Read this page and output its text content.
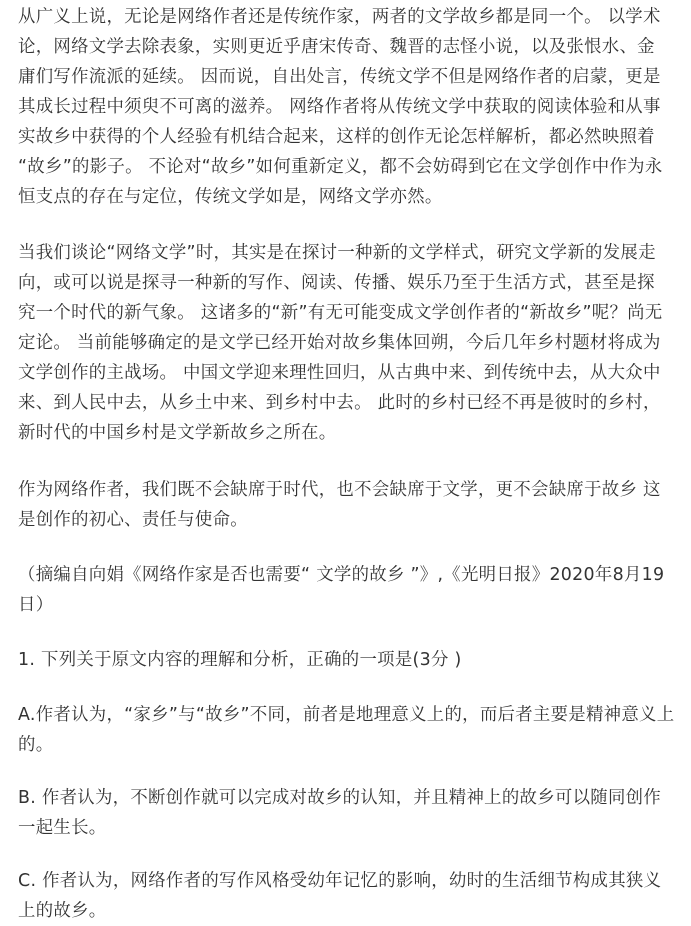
从广义上说，无论是网络作者还是传统作家，两者的文学故乡都是同一个。 以学术
论，网络文学去除表象，实则更近乎唐宋传奇、魏晋的志怪小说，以及张恨水、金
庸们写作流派的延续。 因而说，自出处言，传统文学不但是网络作者的启蒙，更是
其成长过程中须臾不可离的滋养。 网络作者将从传统文学中获取的阅读体验和从事
实故乡中获得的个人经验有机结合起来，这样的创作无论怎样解析，都必然映照着
“故乡”的影子。 不论对“故乡”如何重新定义，都不会妨碍到它在文学创作中作为永
恒支点的存在与定位，传统文学如是，网络文学亦然。
当我们谈论“网络文学”时，其实是在探讨一种新的文学样式，研究文学新的发展走
向，或可以说是探寻一种新的写作、阅读、传播、娱乐乃至于生活方式，甚至是探
究一个时代的新气象。 这诸多的“新”有无可能变成文学创作者的“新故乡”呢？尚无
定论。 当前能够确定的是文学已经开始对故乡集体回朔，今后几年乡村题材将成为
文学创作的主战场。 中国文学迎来理性回归，从古典中来、到传统中去，从大众中
来、到人民中去，从乡土中来、到乡村中去。 此时的乡村已经不再是彼时的乡村，
新时代的中国乡村是文学新故乡之所在。
作为网络作者，我们既不会缺席于时代，也不会缺席于文学，更不会缺席于故乡 这
是创作的初心、责任与使命。
（摘编自向娟《网络作家是否也需要“ 文学的故乡 ”》,《光明日报》2020年8月19
日）
1. 下列关于原文内容的理解和分析，正确的一项是(3分 )
A.作者认为，“家乡”与“故乡”不同，前者是地理意义上的，而后者主要是精神意义上
的。
B. 作者认为，不断创作就可以完成对故乡的认知，并且精神上的故乡可以随同创作
一起生长。
C. 作者认为，网络作者的写作风格受幼年记忆的影响，幼时的生活细节构成其狭义
上的故乡。
